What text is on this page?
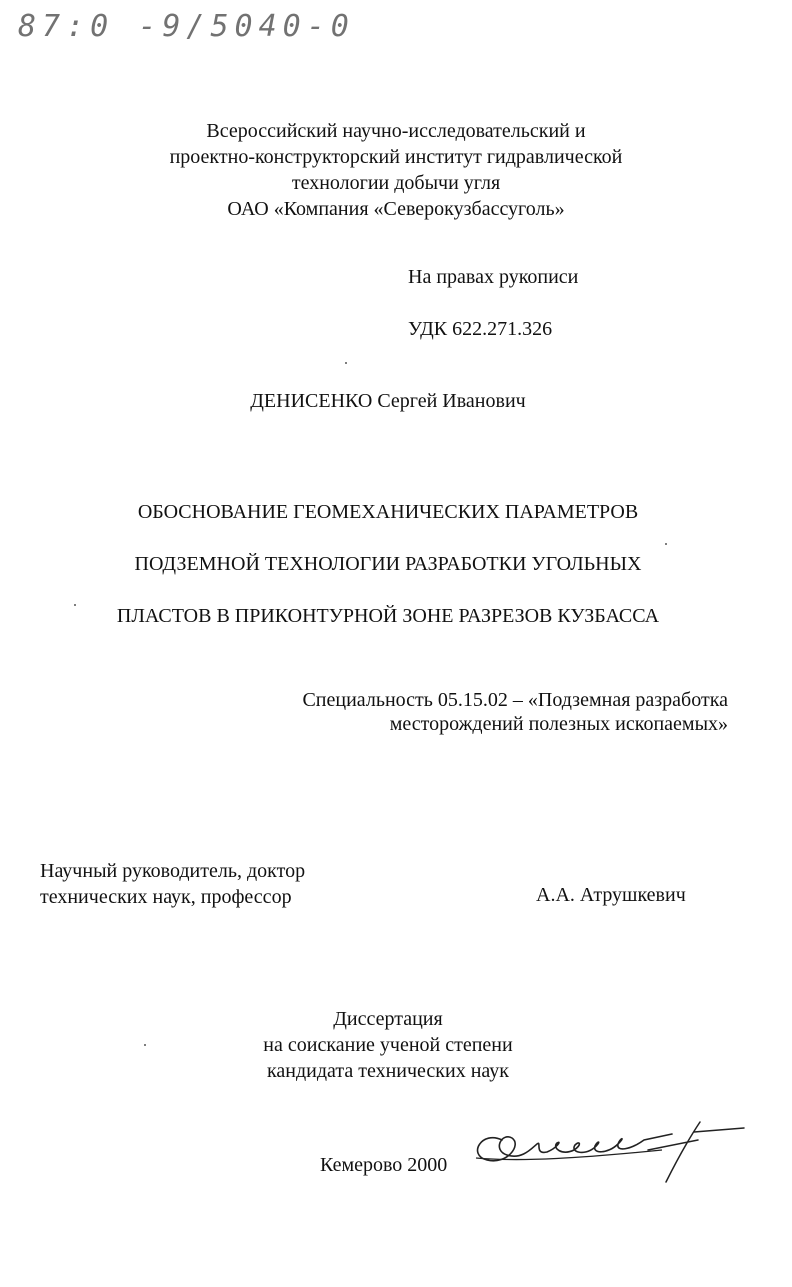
87:0 -9/5040-0
Всероссийский научно-исследовательский и
проектно-конструкторский институт гидравлической
технологии добычи угля
ОАО «Компания «Северокузбассуголь»
На правах рукописи
УДК 622.271.326
ДЕНИСЕНКО Сергей Иванович
ОБОСНОВАНИЕ ГЕОМЕХАНИЧЕСКИХ ПАРАМЕТРОВ
ПОДЗЕМНОЙ ТЕХНОЛОГИИ РАЗРАБОТКИ УГОЛЬНЫХ
ПЛАСТОВ В ПРИКОНТУРНОЙ ЗОНЕ РАЗРЕЗОВ КУЗБАССА
Специальность 05.15.02 – «Подземная разработка
месторождений полезных ископаемых»
Научный руководитель, доктор
технических наук, профессор	А.А. Атрушкевич
Диссертация
на соискание ученой степени
кандидата технических наук
Кемерово 2000
